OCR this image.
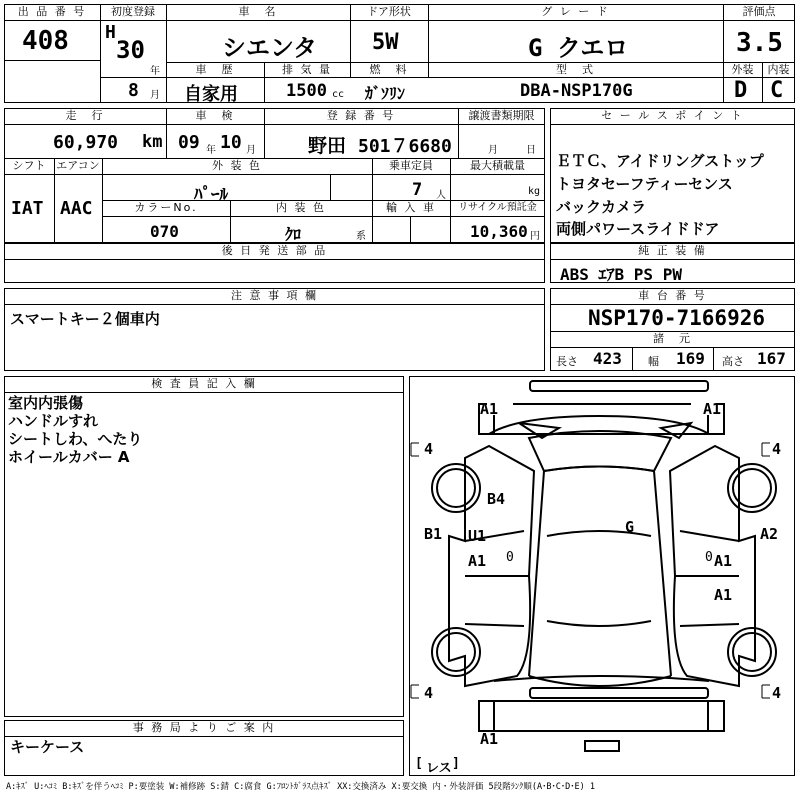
出 品 番 号
408
初度登録
H
30
年
8 月
車　名
シエンタ
ドア形状
5W
グ レ ー ド
G クエロ
評価点
3.5
外装	内装
D C
車　歴
自家用
排 気 量
1500 cc
燃　料
ｶﾞｿﾘﾝ
型　式
DBA-NSP170G
走　行
60,970 km
車　検
09 年 10 月
登 録 番 号
野田 501７6680
譲渡書類期限
月	日
シフト
IAT
エアコン
AAC
外 装 色
ﾊﾟｰﾙ
乗車定員
7 人
最大積載量
kg
カラーNo.
070
内 装 色
ｸﾛ	系
輸 入 車	リサイクル預託金
10,360 円
後 日 発 送 部 品
セ ー ル ス ポ イ ン ト
ＥＴＣ、アイドリングストップ
トヨタセーフティーセンス
バックカメラ
両側パワースライドドア
純 正 装 備
ABS ｴｱB PS PW
注 意 事 項 欄
スマートキー２個車内
車 台 番 号
NSP170-7166926
諸　元
長さ 423 幅 169 高さ 167
検 査 員 記 入 欄
室内内張傷
ハンドルすれ
シートしわ、へたり
ホイールカバー A
事 務 局 よ り ご 案 内
キーケース
0	0
A1	A1
B4
G
B1 U1
A1	A1
A2
A1
A1
4	4
4	4
[ レス ]
A:ｷｽﾞ U:ﾍｺﾐ B:ｷｽﾞを伴うﾍｺﾐ P:要塗装 W:補修跡 S:錆 C:腐食 G:ﾌﾛﾝﾄｶﾞﾗｽ点ｷｽﾞ XX:交換済み X:要交換 内・外装評価 5段階ﾗﾝｸ順(A･B･C･D･E) 1
